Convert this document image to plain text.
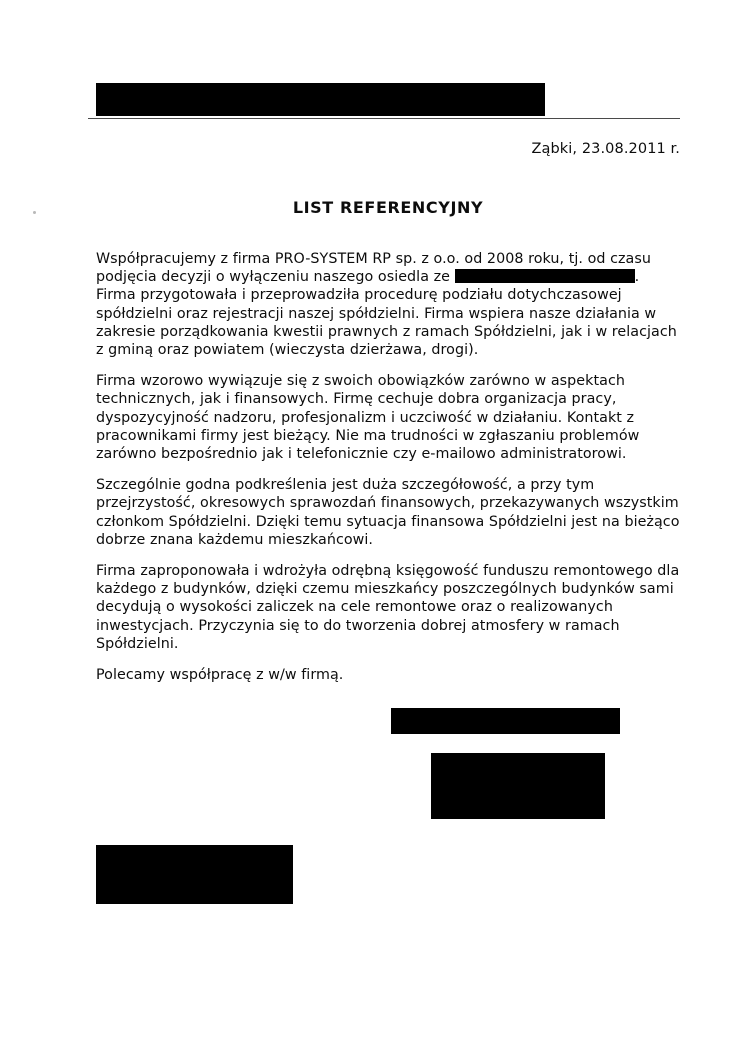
Ząbki, 23.08.2011 r.
LIST REFERENCYJNY

Współpracujemy z firma PRO-SYSTEM RP sp. z o.o. od 2008 roku, tj. od czasu podjęcia decyzji o wyłączeniu naszego osiedla ze	. Firma przygotowała i przeprowadziła procedurę podziału dotychczasowej spółdzielni oraz rejestracji naszej spółdzielni. Firma wspiera nasze działania w zakresie porządkowania kwestii prawnych z ramach Spółdzielni, jak i w relacjach z gminą oraz powiatem (wieczysta dzierżawa, drogi).

Firma wzorowo wywiązuje się z swoich obowiązków zarówno w aspektach technicznych, jak i finansowych. Firmę cechuje dobra organizacja pracy, dyspozycyjność nadzoru, profesjonalizm i uczciwość w działaniu. Kontakt z pracownikami firmy jest bieżący. Nie ma trudności w zgłaszaniu problemów zarówno bezpośrednio jak i telefonicznie czy e-mailowo administratorowi.

Szczególnie godna podkreślenia jest duża szczegółowość, a przy tym przejrzystość, okresowych sprawozdań finansowych, przekazywanych wszystkim członkom Spółdzielni. Dzięki temu sytuacja finansowa Spółdzielni jest na bieżąco dobrze znana każdemu mieszkańcowi.

Firma zaproponowała i wdrożyła odrębną księgowość funduszu remontowego dla każdego z budynków, dzięki czemu mieszkańcy poszczególnych budynków sami decydują o wysokości zaliczek na cele remontowe oraz o realizowanych inwestycjach. Przyczynia się to do tworzenia dobrej atmosfery w ramach Spółdzielni.

Polecamy współpracę z w/w firmą.
